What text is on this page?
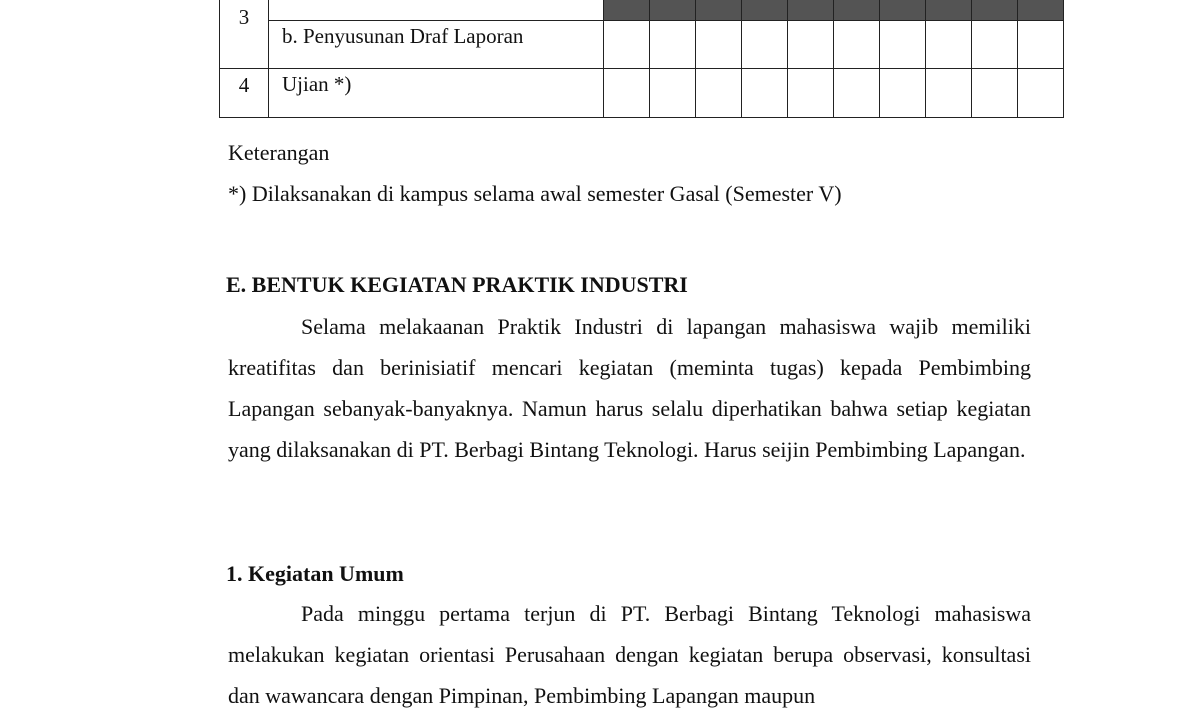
3											
	b. Penyusunan Draf Laporan										
4	Ujian *)										
Keterangan
*) Dilaksanakan di kampus selama awal semester Gasal (Semester V)
E. BENTUK KEGIATAN PRAKTIK INDUSTRI
Selama melakaanan Praktik Industri di lapangan mahasiswa wajib memiliki kreatifitas dan berinisiatif mencari kegiatan (meminta tugas) kepada Pembimbing Lapangan sebanyak-banyaknya. Namun harus selalu diperhatikan bahwa setiap kegiatan yang dilaksanakan di PT. Berbagi Bintang Teknologi. Harus seijin Pembimbing Lapangan.
1. Kegiatan Umum
Pada minggu pertama terjun di PT. Berbagi Bintang Teknologi mahasiswa melakukan kegiatan orientasi Perusahaan dengan kegiatan berupa observasi, konsultasi dan wawancara dengan Pimpinan, Pembimbing Lapangan maupun
